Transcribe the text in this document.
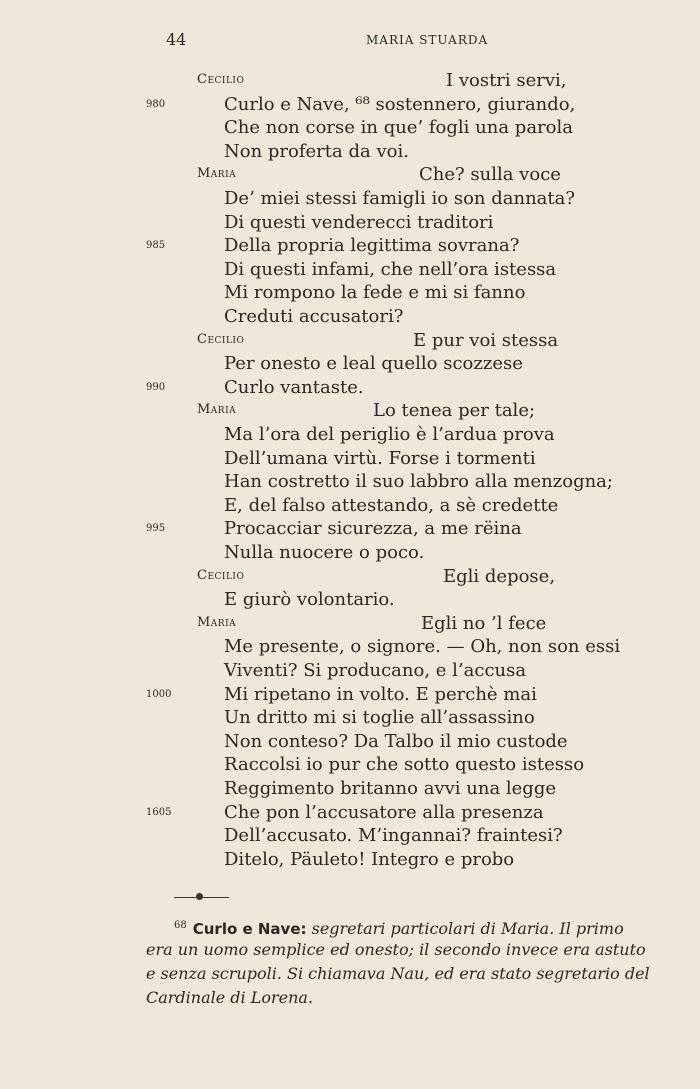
44	MARIA STUARDA
Cecilio	I vostri servi,
980	Curlo e Nave, ⁶⁸ sostennero, giurando,
Che non corse in que’ fogli una parola
Non proferta da voi.
Maria	Che? sulla voce
De’ miei stessi famigli io son dannata?
Di questi venderecci traditori
985	Della propria legittima sovrana?
Di questi infami, che nell’ora istessa
Mi rompono la fede e mi si fanno
Creduti accusatori?
Cecilio	E pur voi stessa
Per onesto e leal quello scozzese
990	Curlo vantaste.
Maria	Lo tenea per tale;
Ma l’ora del periglio è l’ardua prova
Dell’umana virtù. Forse i tormenti
Han costretto il suo labbro alla menzogna;
E, del falso attestando, a sè credette
995	Procacciar sicurezza, a me rëina
Nulla nuocere o poco.
Cecilio	Egli depose,
E giurò volontario.
Maria	Egli no ’l fece
Me presente, o signore. — Oh, non son essi
Viventi? Si producano, e l’accusa
1000	Mi ripetano in volto. E perchè mai
Un dritto mi si toglie all’assassino
Non conteso? Da Talbo il mio custode
Raccolsi io pur che sotto questo istesso
Reggimento britanno avvi una legge
1605	Che pon l’accusatore alla presenza
Dell’accusato. M’ingannai? fraintesi?
Ditelo, Päuleto! Integro e probo
$^{68}$ Curlo e Nave: segretari particolari di Maria. Il primo
era un uomo semplice ed onesto; il secondo invece era astuto
e senza scrupoli. Si chiamava Nau, ed era stato segretario del
Cardinale di Lorena.
